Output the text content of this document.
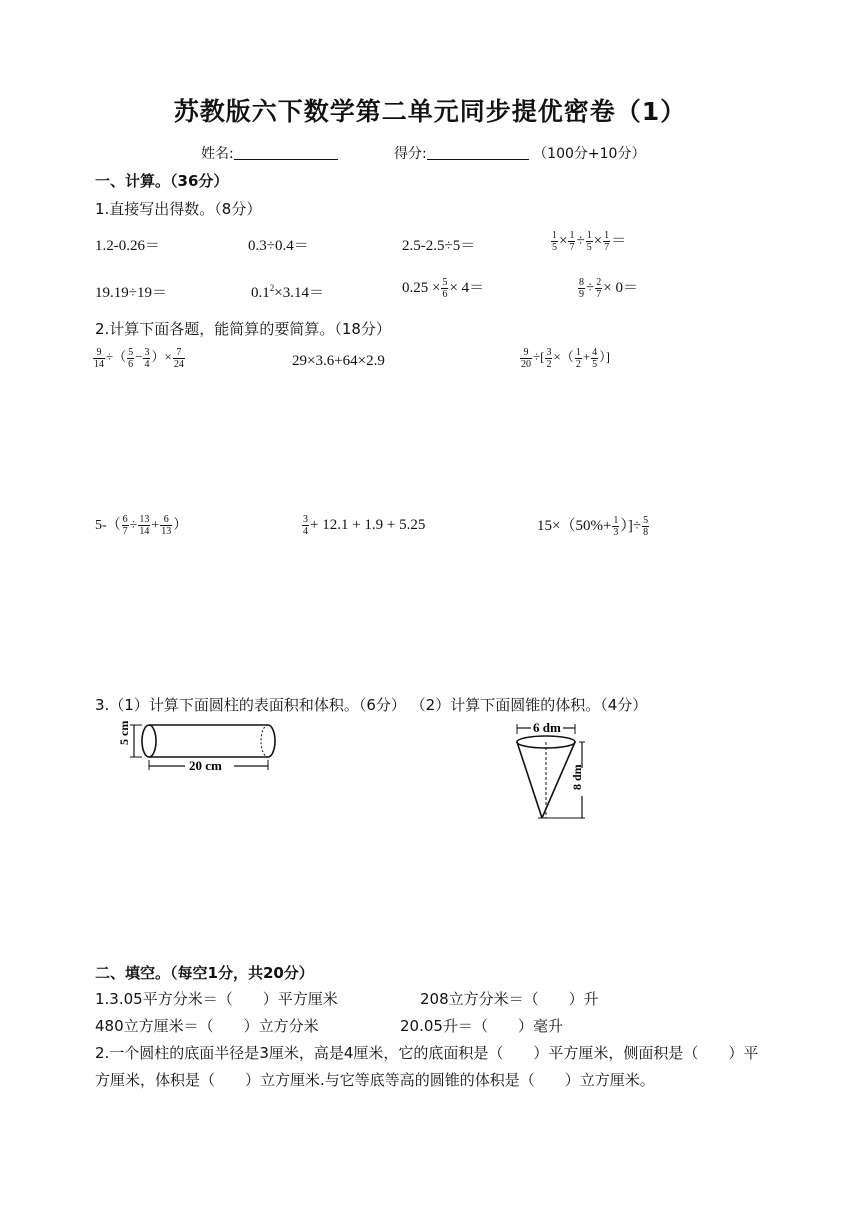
苏教版六下数学第二单元同步提优密卷（1）
姓名:	得分:	（100分+10分）
一、计算。（36分）
1.直接写出得数。（8分）
1.2-0.26＝	0.3÷0.4＝	2.5-2.5÷5＝	$\frac{1}{5} \times \frac{1}{7} \div \frac{1}{5} \times \frac{1}{7}$ ＝
19.19÷19＝	$0.1^2\times 3.14=$	$0.25 \times \frac{5}{6} \times 4=$	$\frac{8}{9} \div \frac{2}{7} \times 0=$
2.计算下面各题，能简算的要简算。（18分）
$\frac{9}{14}$ ÷（ $\frac{5}{6} - \frac{3}{4}$ ）× $\frac{7}{24}$	29×3.6+64×2.9	$\frac{9}{20}$ ÷[ $\frac{3}{2}$ ×（ $\frac{1}{2} + \frac{4}{5}$ ）]
$5-( \frac{6}{7} \div \frac{13}{14} + \frac{6}{13}$ ）	$\frac{3}{4} + 12.1 + 1.9 + 5.25$	$15\times(50\%+ \frac{1}{3}$ ）]÷ $\frac{5}{8}$
3.（1）计算下面圆柱的表面积和体积。（6分） （2）计算下面圆锥的体积。（4分）
5 cm
20 cm
6 dm
8 dm
二、填空。（每空1分，共20分）
1.3.05平方分米＝（　　）平方厘米	208立方分米＝（　　）升
480立方厘米＝（　　）立方分米	20.05升＝（　　）毫升
2.一个圆柱的底面半径是3厘米，高是4厘米，它的底面积是（　　）平方厘米，侧面积是（　　）平方厘米，体积是（　　）立方厘米.与它等底等高的圆锥的体积是（　　）立方厘米。
